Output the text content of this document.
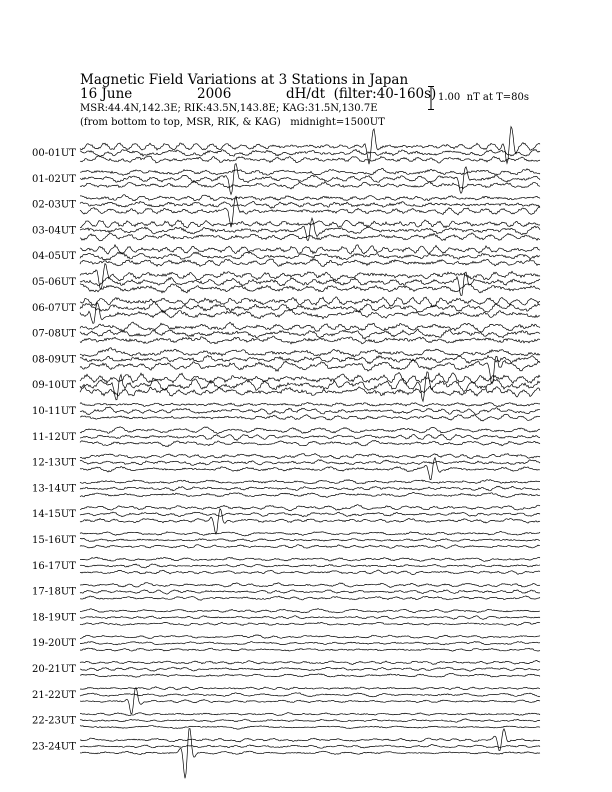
Magnetic Field Variations at 3 Stations in Japan
16 June	2006	dH/dt  (filter:40-160s)
MSR:44.4N,142.3E; RIK:43.5N,143.8E; KAG:31.5N,130.7E
(from bottom to top, MSR, RIK, & KAG)   midnight=1500UT
1.00  nT at T=80s
00-01UT
01-02UT
02-03UT
03-04UT
04-05UT
05-06UT
06-07UT
07-08UT
08-09UT
09-10UT
10-11UT
11-12UT
12-13UT
13-14UT
14-15UT
15-16UT
16-17UT
17-18UT
18-19UT
19-20UT
20-21UT
21-22UT
22-23UT
23-24UT
